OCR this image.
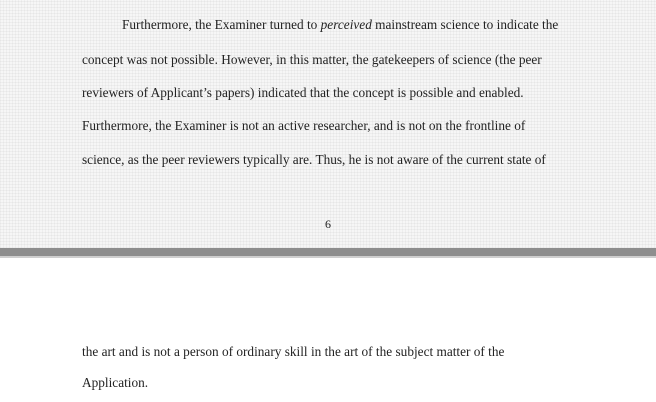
Furthermore, the Examiner turned to perceived mainstream science to indicate the
concept was not possible. However, in this matter, the gatekeepers of science (the peer
reviewers of Applicant’s papers) indicated that the concept is possible and enabled.
Furthermore, the Examiner is not an active researcher, and is not on the frontline of
science, as the peer reviewers typically are. Thus, he is not aware of the current state of
6
the art and is not a person of ordinary skill in the art of the subject matter of the
Application.
